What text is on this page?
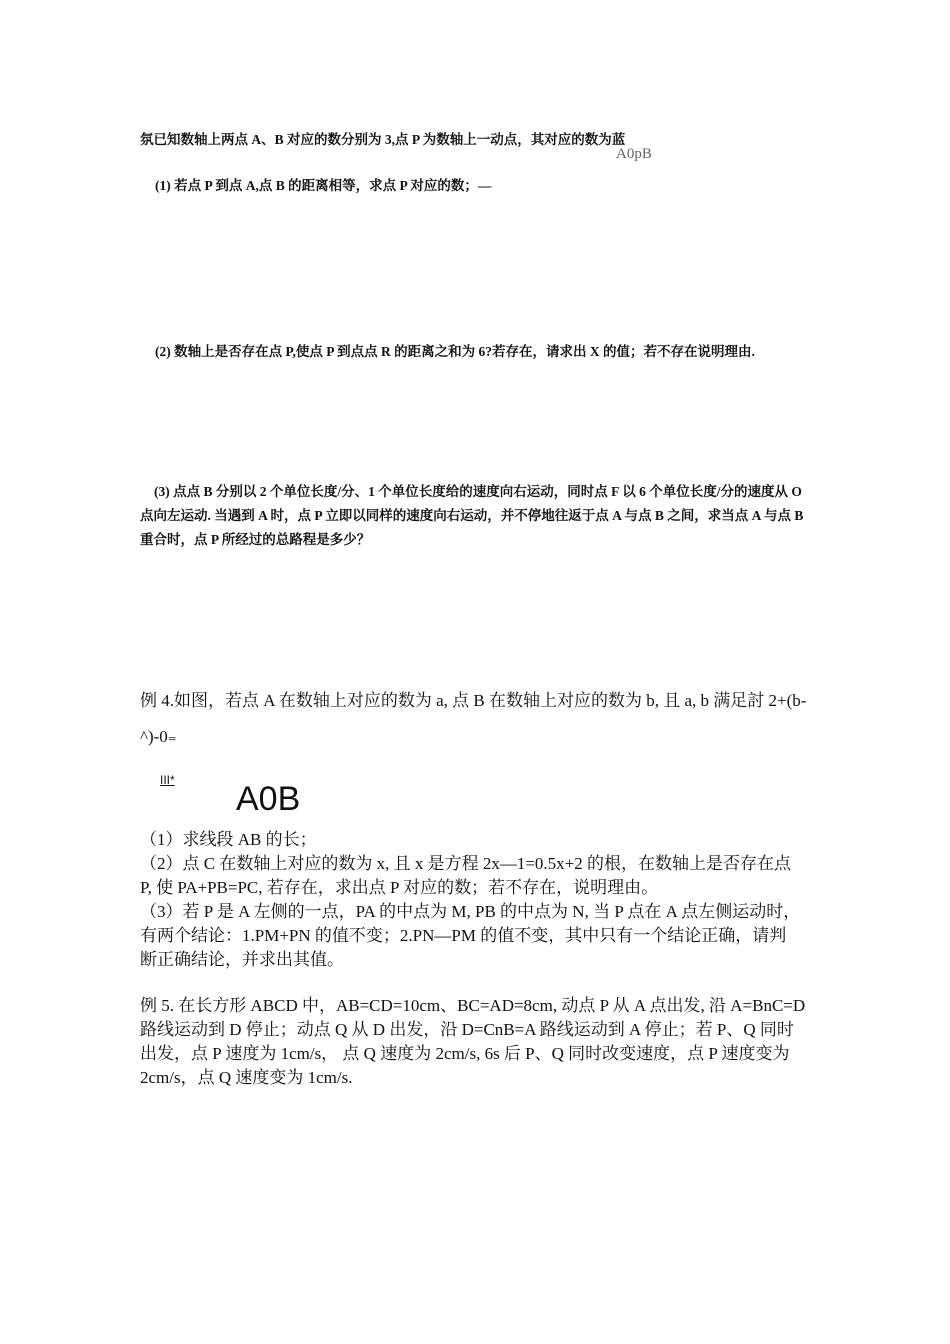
氛已知数轴上两点 A、B 对应的数分别为 3,点 P 为数轴上一动点，其对应的数为蓝
A0pB
(1) 若点 P 到点 A,点 B 的距离相等，求点 P 对应的数；—
(2) 数轴上是否存在点 P,使点 P 到点点 R 的距离之和为 6?若存在，请求出 X 的值；若不存在说明理由.
(3) 点点 B 分别以 2 个单位长度/分、1 个单位长度给的速度向右运动，同时点 F 以 6 个单位长度/分的速度从 O
点向左运动. 当遇到 A 时，点 P 立即以同样的速度向右运动，并不停地往返于点 A 与点 B 之间，求当点 A 与点 B
重合时，点 P 所经过的总路程是多少？
例 4.如图，若点 A 在数轴上对应的数为 a, 点 B 在数轴上对应的数为 b, 且 a, b 满足討 2+(b-
^)-0₌
III* A0B
（1）求线段 AB 的长；
（2）点 C 在数轴上对应的数为 x, 且 x 是方程 2x—1=0.5x+2 的根，在数轴上是否存在点
P, 使 PA+PB=PC, 若存在，求出点 P 对应的数；若不存在，说明理由。
（3）若 P 是 A 左侧的一点，PA 的中点为 M, PB 的中点为 N, 当 P 点在 A 点左侧运动时，
有两个结论：1.PM+PN 的值不变；2.PN—PM 的值不变，其中只有一个结论正确，请判
断正确结论，并求出其值。
例 5. 在长方形 ABCD 中，AB=CD=10cm、BC=AD=8cm, 动点 P 从 A 点出发, 沿 A=BnC=D
路线运动到 D 停止；动点 Q 从 D 出发，沿 D=CnB=A 路线运动到 A 停止；若 P、Q 同时
出发，点 P 速度为 1cm/s， 点 Q 速度为 2cm/s, 6s 后 P、Q 同时改变速度，点 P 速度变为
2cm/s，点 Q 速度变为 1cm/s.
